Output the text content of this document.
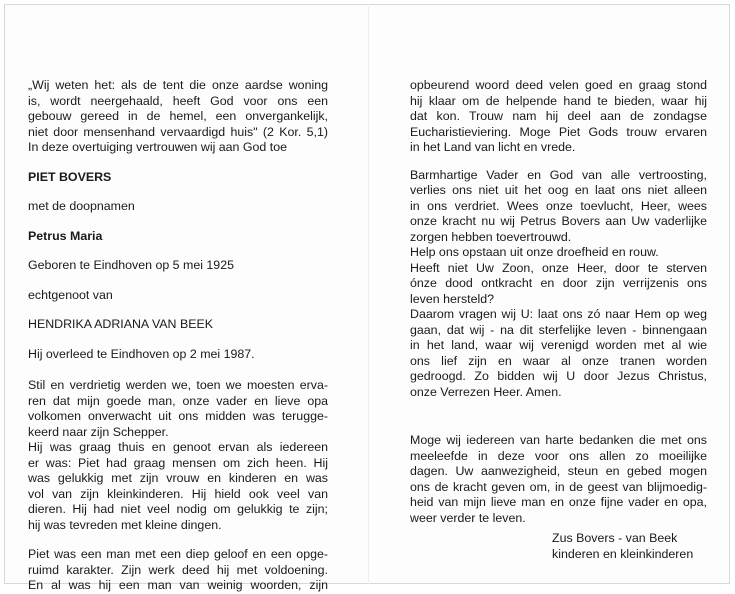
„Wij weten het: als de tent die onze aardse woning

is, wordt neergehaald, heeft God voor ons een

gebouw gereed in de hemel, een onvergankelijk,

niet door mensenhand vervaardigd huis" (2 Kor. 5,1)

In deze overtuiging vertrouwen wij aan God toe

PIET BOVERS

met de doopnamen

Petrus Maria

Geboren te Eindhoven op 5 mei 1925

echtgenoot van

HENDRIKA ADRIANA VAN BEEK

Hij overleed te Eindhoven op 2 mei 1987.

Stil en verdrietig werden we, toen we moesten erva-

ren dat mijn goede man, onze vader en lieve opa

volkomen onverwacht uit ons midden was terugge-

keerd naar zijn Schepper.

Hij was graag thuis en genoot ervan als iedereen

er was: Piet had graag mensen om zich heen. Hij

was gelukkig met zijn vrouw en kinderen en was

vol van zijn kleinkinderen. Hij hield ook veel van

dieren. Hij had niet veel nodig om gelukkig te zijn;

hij was tevreden met kleine dingen.

Piet was een man met een diep geloof en een opge-

ruimd karakter. Zijn werk deed hij met voldoening.

En al was hij een man van weinig woorden, zijn

opbeurend woord deed velen goed en graag stond

hij klaar om de helpende hand te bieden, waar hij

dat kon. Trouw nam hij deel aan de zondagse

Eucharistieviering. Moge Piet Gods trouw ervaren

in het Land van licht en vrede.

Barmhartige Vader en God van alle vertroosting,

verlies ons niet uit het oog en laat ons niet alleen

in ons verdriet. Wees onze toevlucht, Heer, wees

onze kracht nu wij Petrus Bovers aan Uw vaderlijke

zorgen hebben toevertrouwd.

Help ons opstaan uit onze droefheid en rouw.

Heeft niet Uw Zoon, onze Heer, door te sterven

ónze dood ontkracht en door zijn verrijzenis ons

leven hersteld?

Daarom vragen wij U: laat ons zó naar Hem op weg

gaan, dat wij - na dit sterfelijke leven - binnengaan

in het land, waar wij verenigd worden met al wie

ons lief zijn en waar al onze tranen worden

gedroogd. Zo bidden wij U door Jezus Christus,

onze Verrezen Heer. Amen.

Moge wij iedereen van harte bedanken die met ons

meeleefde in deze voor ons allen zo moeilijke

dagen. Uw aanwezigheid, steun en gebed mogen

ons de kracht geven om, in de geest van blijmoedig-

heid van mijn lieve man en onze fijne vader en opa,

weer verder te leven.

Zus Bovers - van Beek

kinderen en kleinkinderen
